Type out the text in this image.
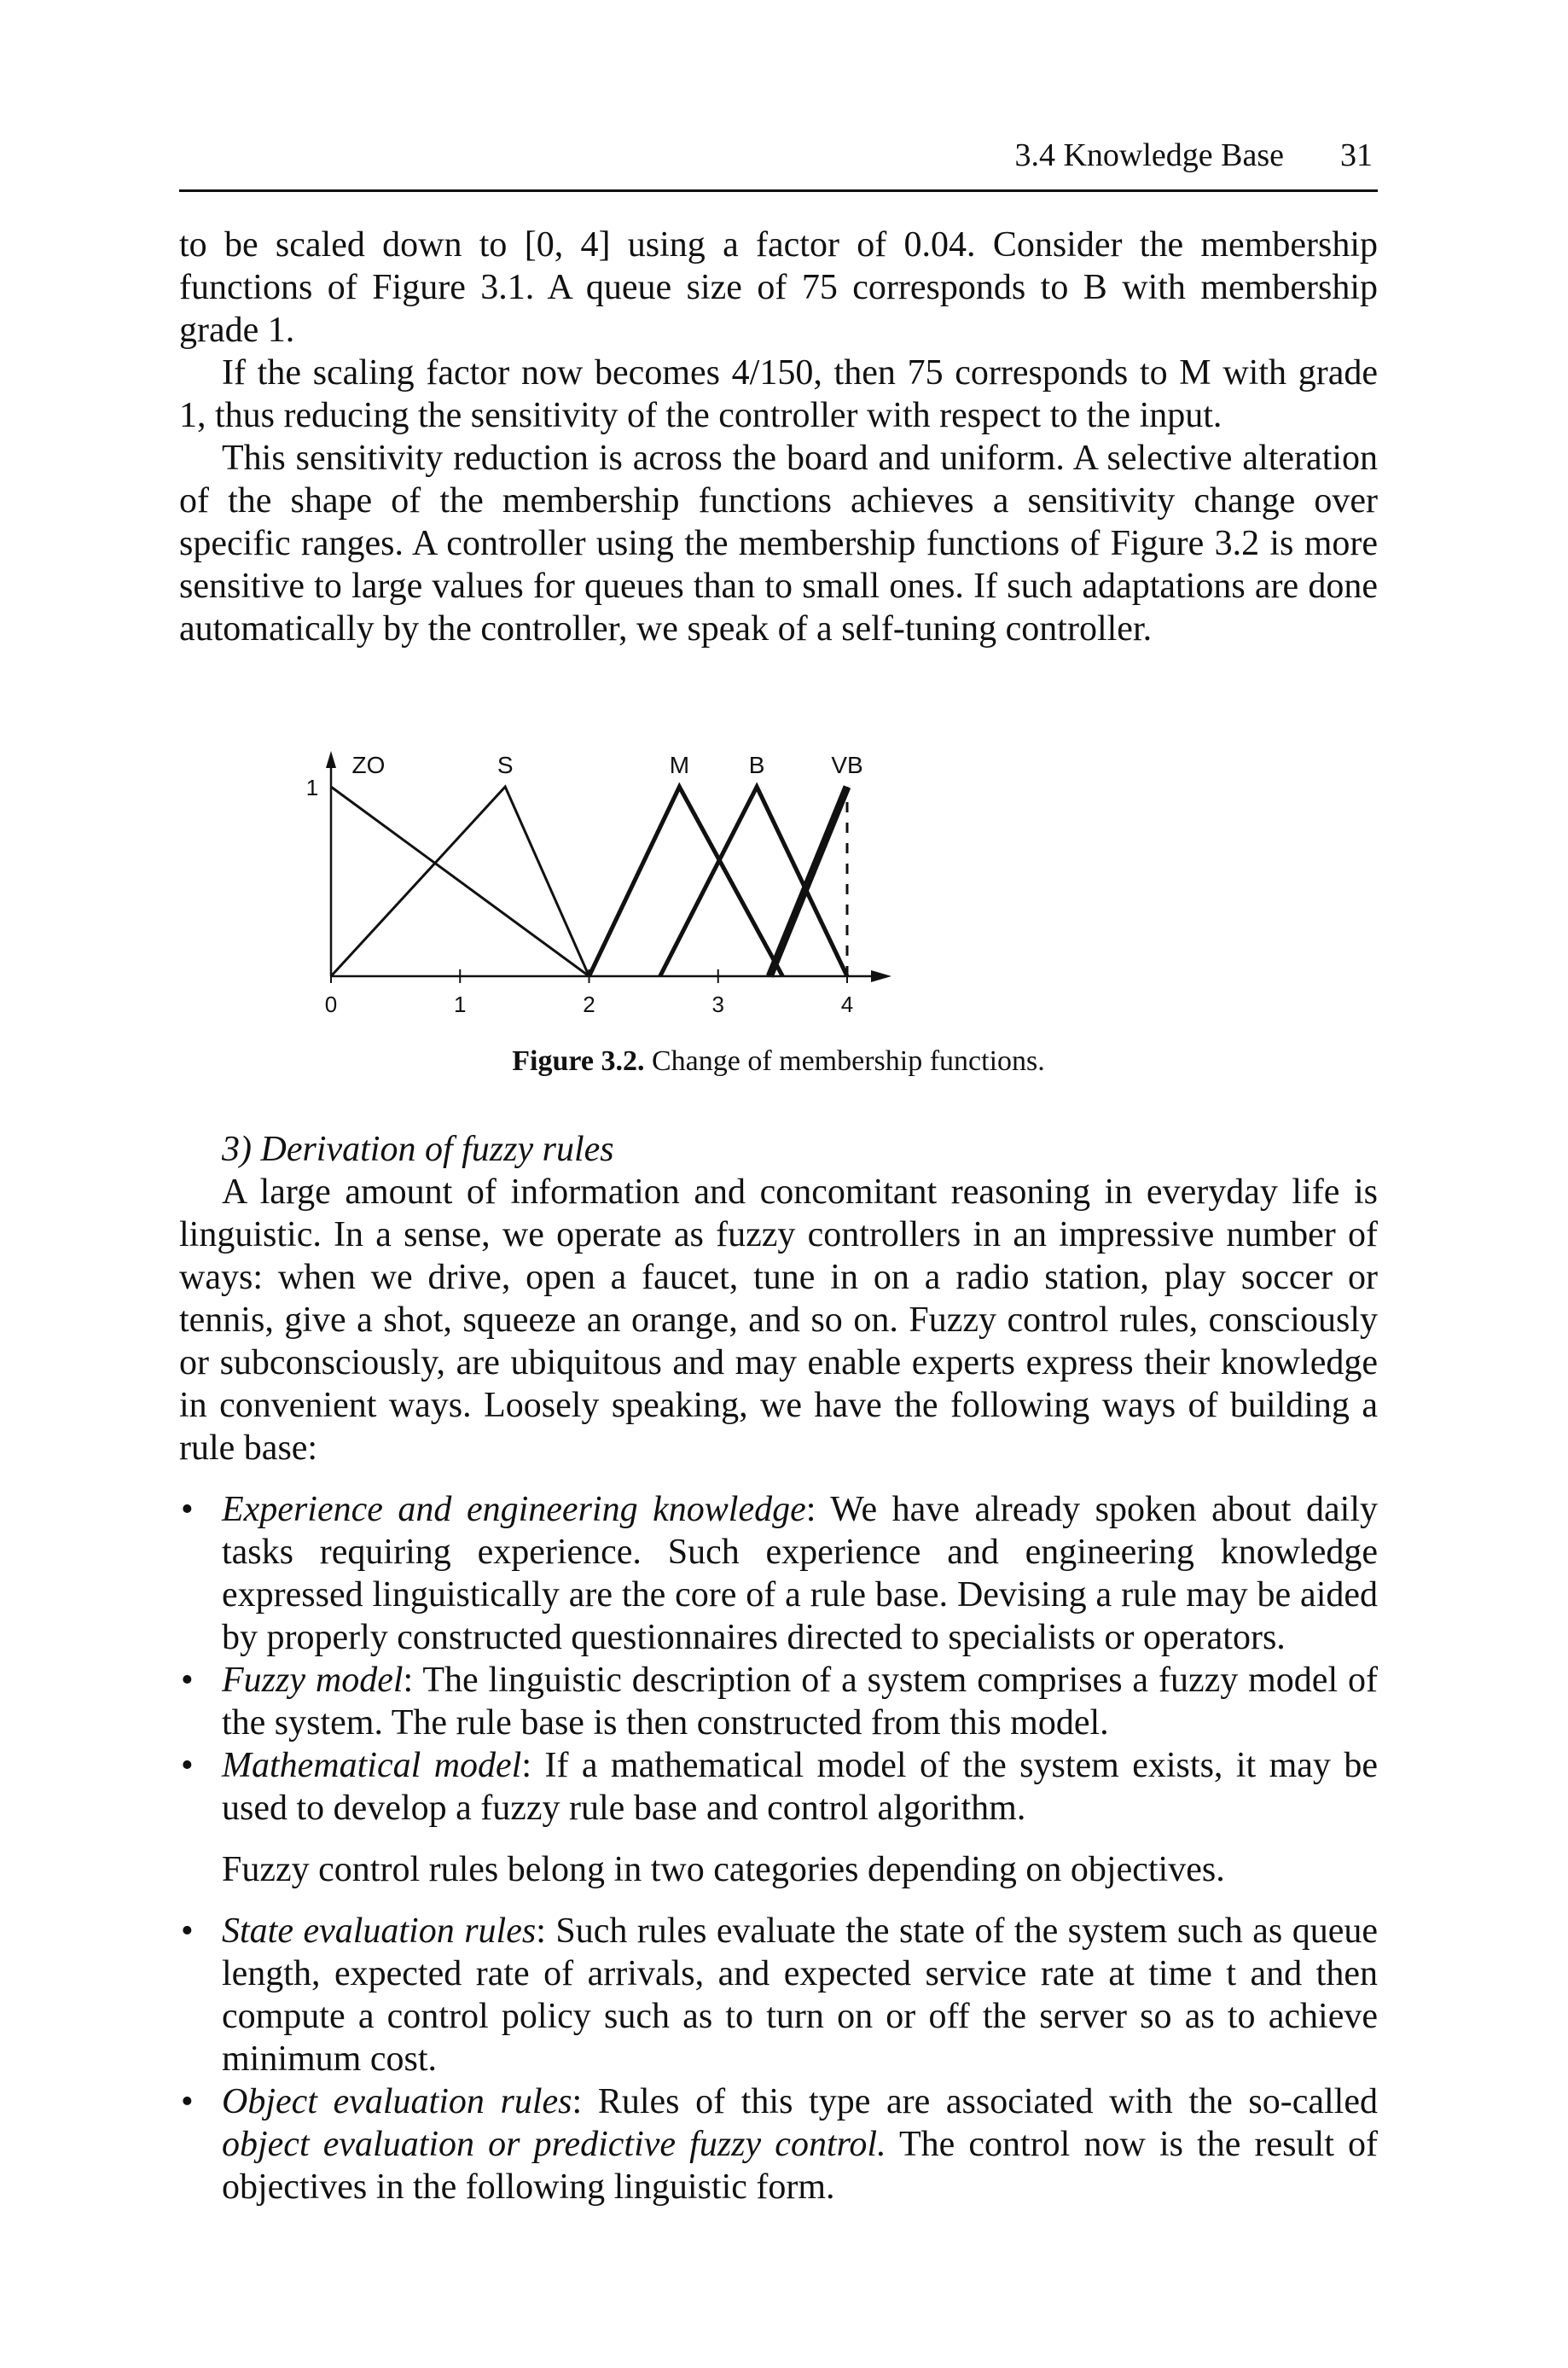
3.4 Knowledge Base 31

to be scaled down to [0, 4] using a factor of 0.04. Consider the membership functions of Figure 3.1. A queue size of 75 corresponds to B with membership grade 1.

If the scaling factor now becomes 4/150, then 75 corresponds to M with grade 1, thus reducing the sensitivity of the controller with respect to the input.

This sensitivity reduction is across the board and uniform. A selective alteration of the shape of the membership functions achieves a sensitivity change over specific ranges. A controller using the membership functions of Figure 3.2 is more sensitive to large values for queues than to small ones. If such adaptations are done automatically by the controller, we speak of a self-tuning controller.

0	1	2	3	4
1
ZO	S	M B	VB
Figure 3.2. Change of membership functions.

3) Derivation of fuzzy rules

A large amount of information and concomitant reasoning in everyday life is linguistic. In a sense, we operate as fuzzy controllers in an impressive number of ways: when we drive, open a faucet, tune in on a radio station, play soccer or tennis, give a shot, squeeze an orange, and so on. Fuzzy control rules, consciously or subconsciously, are ubiquitous and may enable experts express their knowledge in convenient ways. Loosely speaking, we have the following ways of building a rule base:

• Experience and engineering knowledge: We have already spoken about daily tasks requiring experience. Such experience and engineering knowledge expressed linguistically are the core of a rule base. Devising a rule may be aided by properly constructed questionnaires directed to specialists or operators.
• Fuzzy model: The linguistic description of a system comprises a fuzzy model of the system. The rule base is then constructed from this model.
• Mathematical model: If a mathematical model of the system exists, it may be used to develop a fuzzy rule base and control algorithm.

Fuzzy control rules belong in two categories depending on objectives.

• State evaluation rules: Such rules evaluate the state of the system such as queue length, expected rate of arrivals, and expected service rate at time t and then compute a control policy such as to turn on or off the server so as to achieve minimum cost.
• Object evaluation rules: Rules of this type are associated with the so-called object evaluation or predictive fuzzy control. The control now is the result of objectives in the following linguistic form.
